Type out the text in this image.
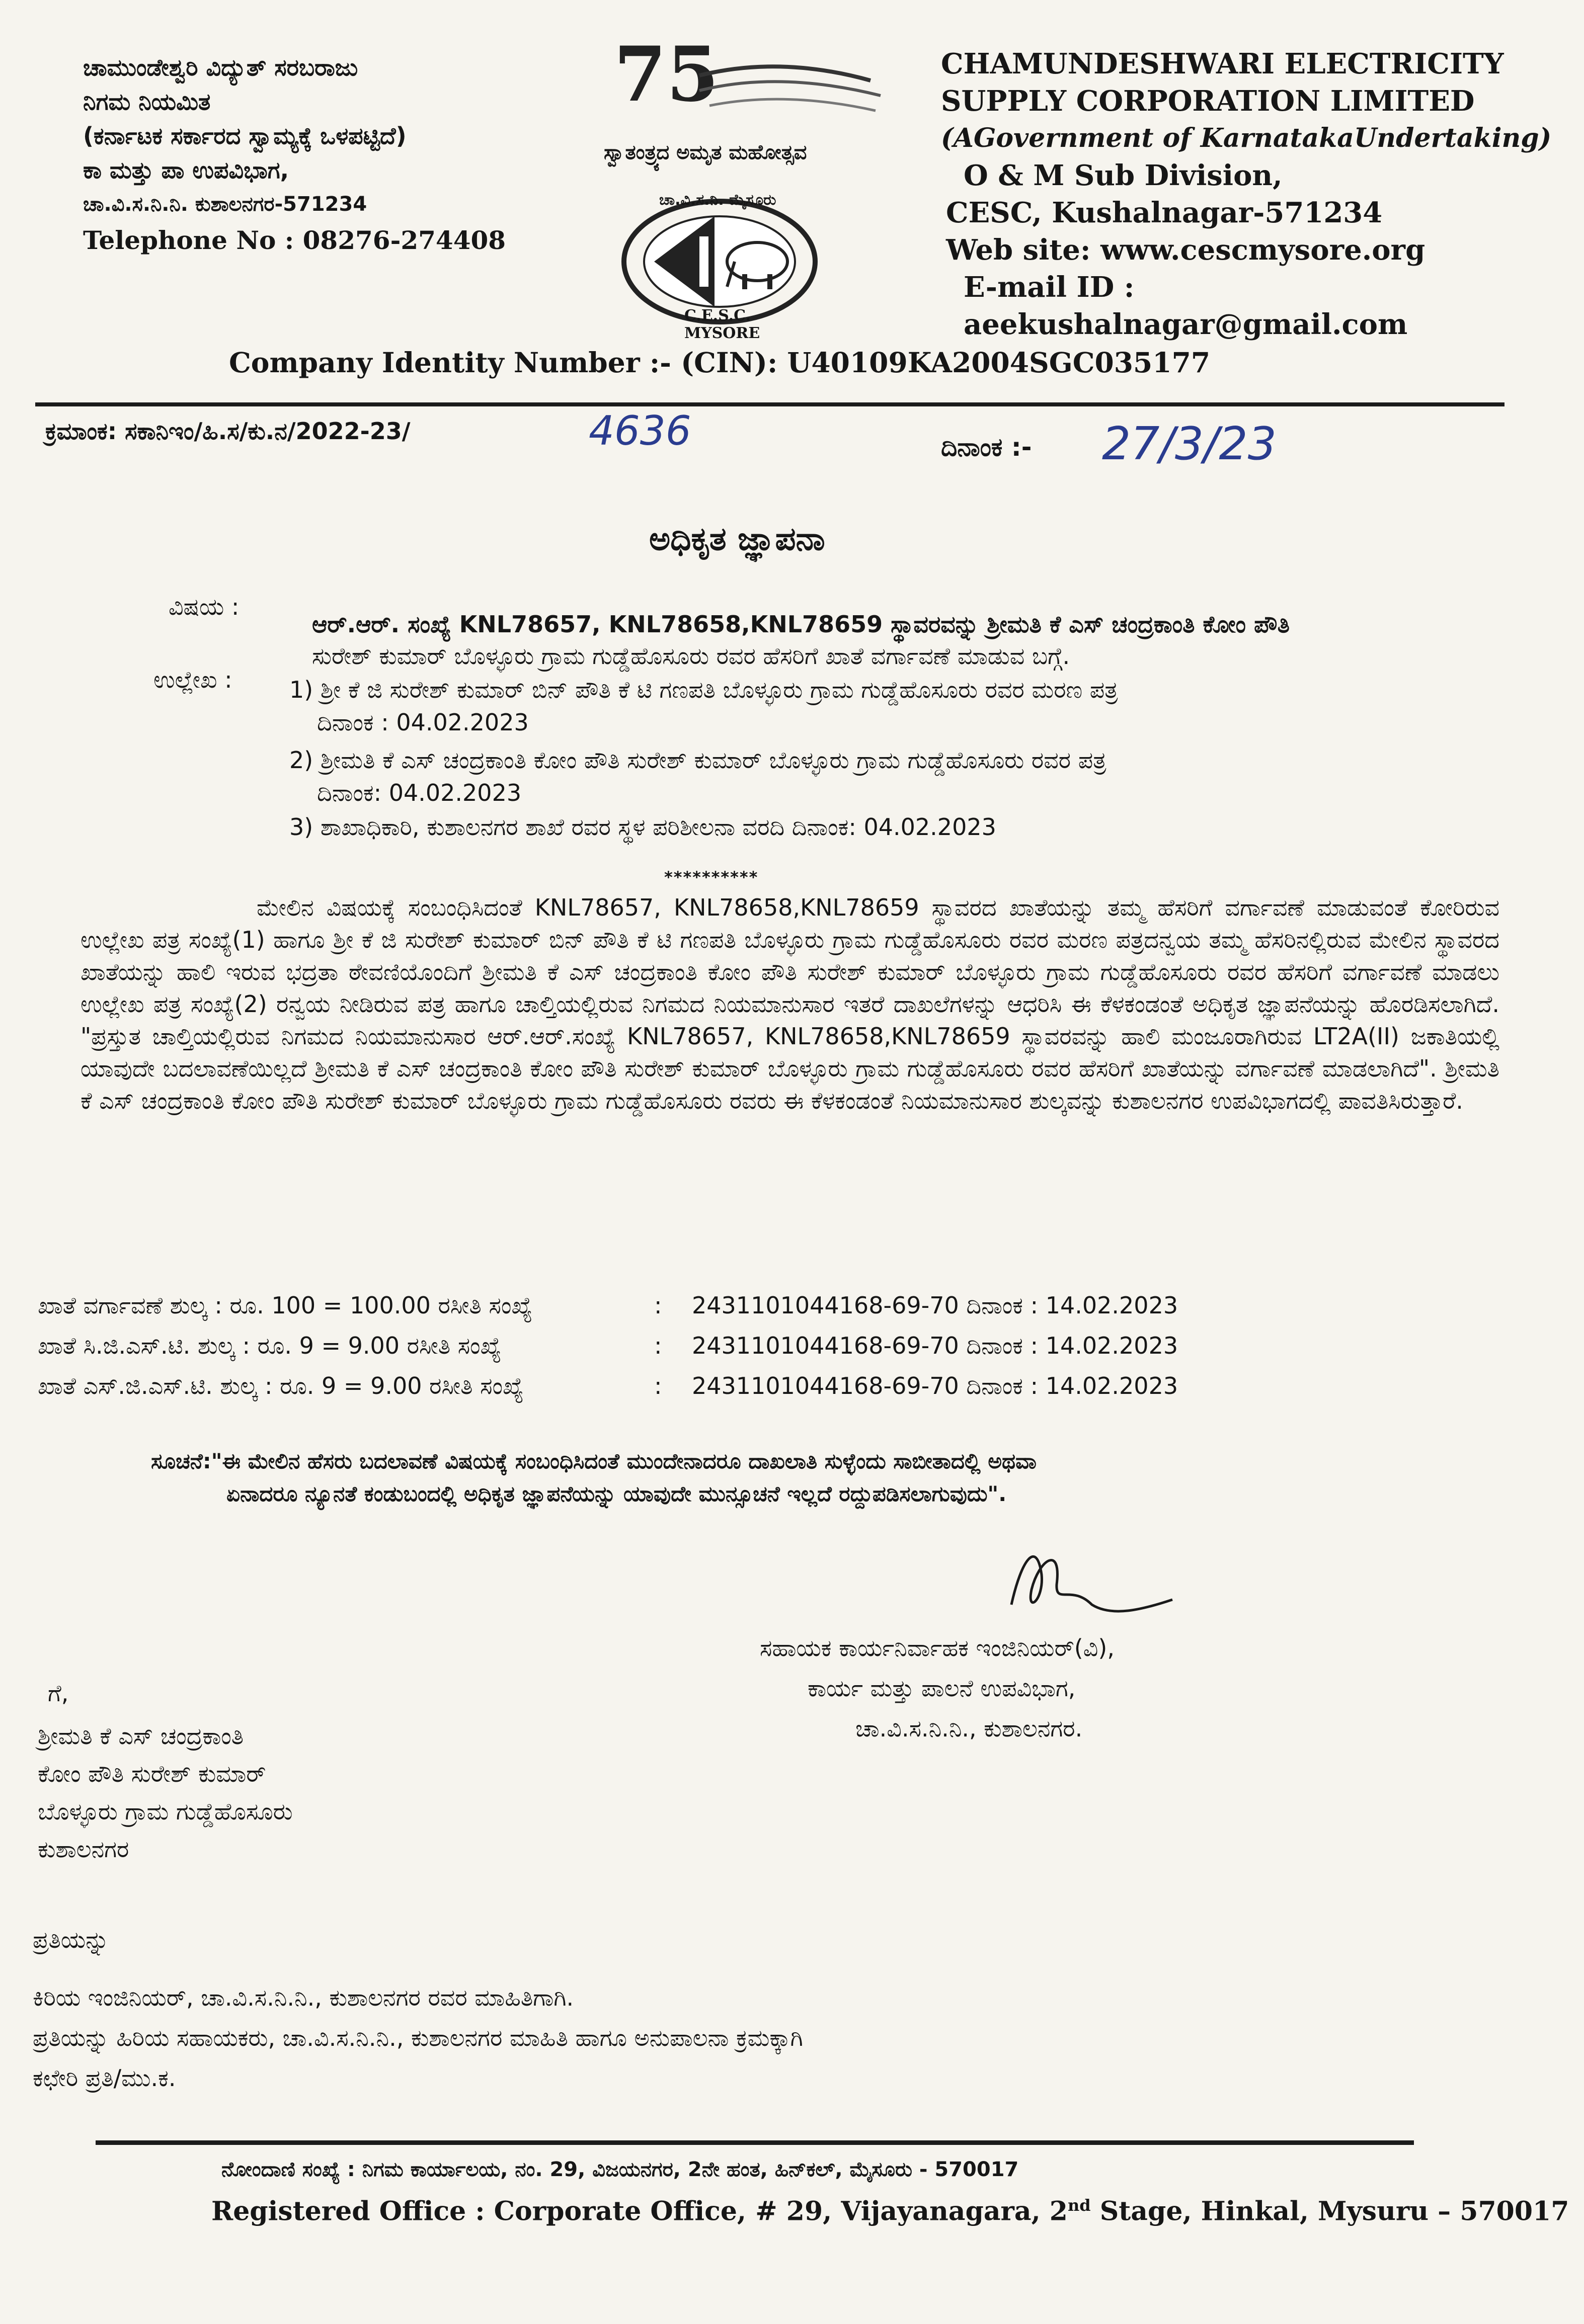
ಚಾಮುಂಡೇಶ್ವರಿ ವಿದ್ಯುತ್ ಸರಬರಾಜು
ನಿಗಮ ನಿಯಮಿತ
(ಕರ್ನಾಟಕ ಸರ್ಕಾರದ ಸ್ವಾಮ್ಯಕ್ಕೆ ಒಳಪಟ್ಟಿದೆ)
ಕಾ ಮತ್ತು ಪಾ ಉಪವಿಭಾಗ,
ಚಾ.ವಿ.ಸ.ನಿ.ನಿ. ಕುಶಾಲನಗರ-571234
Telephone No : 08276-274408
75
ಸ್ವಾತಂತ್ರ್ಯದ ಅಮೃತ ಮಹೋತ್ಸವ
ಚಾ.ವಿ.ಸ.ನಿ. ಮೈಸೂರು
C.E.S.C. MYSORE
CHAMUNDESHWARI ELECTRICITY
SUPPLY CORPORATION LIMITED
(AGovernment of KarnatakaUndertaking)
O & M Sub Division,
CESC, Kushalnagar-571234
Web site: www.cescmysore.org
E-mail ID : aeekushalnagar@gmail.com
Company Identity Number :- (CIN): U40109KA2004SGC035177
ಕ್ರಮಾಂಕ: ಸಕಾನಿಇಂ/ಹಿ.ಸ/ಕು.ನ/2022-23/	4636	ದಿನಾಂಕ :- 27/3/23
ಅಧಿಕೃತ ಜ್ಞಾಪನಾ
ವಿಷಯ :
ಆರ್.ಆರ್. ಸಂಖ್ಯೆ KNL78657, KNL78658,KNL78659 ಸ್ಥಾವರವನ್ನು ಶ್ರೀಮತಿ ಕೆ ಎಸ್ ಚಂದ್ರಕಾಂತಿ ಕೋಂ ಪೌತಿ
ಸುರೇಶ್ ಕುಮಾರ್ ಬೊಳ್ಳೂರು ಗ್ರಾಮ ಗುಡ್ಡೆಹೊಸೂರು ರವರ ಹೆಸರಿಗೆ ಖಾತೆ ವರ್ಗಾವಣೆ ಮಾಡುವ ಬಗ್ಗೆ.
ಉಲ್ಲೇಖ : 1) ಶ್ರೀ ಕೆ ಜಿ ಸುರೇಶ್ ಕುಮಾರ್ ಬಿನ್ ಪೌತಿ ಕೆ ಟಿ ಗಣಪತಿ ಬೊಳ್ಳೂರು ಗ್ರಾಮ ಗುಡ್ಡೆಹೊಸೂರು ರವರ ಮರಣ ಪತ್ರ
ದಿನಾಂಕ : 04.02.2023
2) ಶ್ರೀಮತಿ ಕೆ ಎಸ್ ಚಂದ್ರಕಾಂತಿ ಕೋಂ ಪೌತಿ ಸುರೇಶ್ ಕುಮಾರ್ ಬೊಳ್ಳೂರು ಗ್ರಾಮ ಗುಡ್ಡೆಹೊಸೂರು ರವರ ಪತ್ರ
ದಿನಾಂಕ: 04.02.2023
3) ಶಾಖಾಧಿಕಾರಿ, ಕುಶಾಲನಗರ ಶಾಖೆ ರವರ ಸ್ಥಳ ಪರಿಶೀಲನಾ ವರದಿ ದಿನಾಂಕ: 04.02.2023
**********
ಮೇಲಿನ ವಿಷಯಕ್ಕೆ ಸಂಬಂಧಿಸಿದಂತೆ KNL78657, KNL78658,KNL78659 ಸ್ಥಾವರದ ಖಾತೆಯನ್ನು ತಮ್ಮ ಹೆಸರಿಗೆ ವರ್ಗಾವಣೆ ಮಾಡುವಂತೆ ಕೋರಿರುವ ಉಲ್ಲೇಖ ಪತ್ರ ಸಂಖ್ಯೆ(1) ಹಾಗೂ ಶ್ರೀ ಕೆ ಜಿ ಸುರೇಶ್ ಕುಮಾರ್ ಬಿನ್ ಪೌತಿ ಕೆ ಟಿ ಗಣಪತಿ ಬೊಳ್ಳೂರು ಗ್ರಾಮ ಗುಡ್ಡೆಹೊಸೂರು ರವರ ಮರಣ ಪತ್ರದನ್ವಯ ತಮ್ಮ ಹೆಸರಿನಲ್ಲಿರುವ ಮೇಲಿನ ಸ್ಥಾವರದ ಖಾತೆಯನ್ನು ಹಾಲಿ ಇರುವ ಭದ್ರತಾ ಠೇವಣಿಯೊಂದಿಗೆ ಶ್ರೀಮತಿ ಕೆ ಎಸ್ ಚಂದ್ರಕಾಂತಿ ಕೋಂ ಪೌತಿ ಸುರೇಶ್ ಕುಮಾರ್ ಬೊಳ್ಳೂರು ಗ್ರಾಮ ಗುಡ್ಡೆಹೊಸೂರು ರವರ ಹೆಸರಿಗೆ ವರ್ಗಾವಣೆ ಮಾಡಲು ಉಲ್ಲೇಖ ಪತ್ರ ಸಂಖ್ಯೆ(2) ರನ್ವಯ ನೀಡಿರುವ ಪತ್ರ ಹಾಗೂ ಚಾಲ್ತಿಯಲ್ಲಿರುವ ನಿಗಮದ ನಿಯಮಾನುಸಾರ ಇತರೆ ದಾಖಲೆಗಳನ್ನು ಆಧರಿಸಿ ಈ ಕೆಳಕಂಡಂತೆ ಅಧಿಕೃತ ಜ್ಞಾಪನೆಯನ್ನು ಹೊರಡಿಸಲಾಗಿದೆ. "ಪ್ರಸ್ತುತ ಚಾಲ್ತಿಯಲ್ಲಿರುವ ನಿಗಮದ ನಿಯಮಾನುಸಾರ ಆರ್.ಆರ್.ಸಂಖ್ಯೆ KNL78657, KNL78658,KNL78659 ಸ್ಥಾವರವನ್ನು ಹಾಲಿ ಮಂಜೂರಾಗಿರುವ LT2A(II) ಜಕಾತಿಯಲ್ಲಿ ಯಾವುದೇ ಬದಲಾವಣೆಯಿಲ್ಲದೆ ಶ್ರೀಮತಿ ಕೆ ಎಸ್ ಚಂದ್ರಕಾಂತಿ ಕೋಂ ಪೌತಿ ಸುರೇಶ್ ಕುಮಾರ್ ಬೊಳ್ಳೂರು ಗ್ರಾಮ ಗುಡ್ಡೆಹೊಸೂರು ರವರ ಹೆಸರಿಗೆ ಖಾತೆಯನ್ನು ವರ್ಗಾವಣೆ ಮಾಡಲಾಗಿದೆ". ಶ್ರೀಮತಿ ಕೆ ಎಸ್ ಚಂದ್ರಕಾಂತಿ ಕೋಂ ಪೌತಿ ಸುರೇಶ್ ಕುಮಾರ್ ಬೊಳ್ಳೂರು ಗ್ರಾಮ ಗುಡ್ಡೆಹೊಸೂರು ರವರು ಈ ಕೆಳಕಂಡಂತೆ ನಿಯಮಾನುಸಾರ ಶುಲ್ಕವನ್ನು ಕುಶಾಲನಗರ ಉಪವಿಭಾಗದಲ್ಲಿ ಪಾವತಿಸಿರುತ್ತಾರೆ.
ಖಾತೆ ವರ್ಗಾವಣೆ ಶುಲ್ಕ : ರೂ. 100 = 100.00 ರಸೀತಿ ಸಂಖ್ಯೆ	: 2431101044168-69-70 ದಿನಾಂಕ : 14.02.2023
ಖಾತೆ ಸಿ.ಜಿ.ಎಸ್.ಟಿ. ಶುಲ್ಕ : ರೂ. 9 = 9.00 ರಸೀತಿ ಸಂಖ್ಯೆ	: 2431101044168-69-70 ದಿನಾಂಕ : 14.02.2023
ಖಾತೆ ಎಸ್.ಜಿ.ಎಸ್.ಟಿ. ಶುಲ್ಕ : ರೂ. 9 = 9.00 ರಸೀತಿ ಸಂಖ್ಯೆ	: 2431101044168-69-70 ದಿನಾಂಕ : 14.02.2023
ಸೂಚನೆ:"ಈ ಮೇಲಿನ ಹೆಸರು ಬದಲಾವಣೆ ವಿಷಯಕ್ಕೆ ಸಂಬಂಧಿಸಿದಂತೆ ಮುಂದೇನಾದರೂ ದಾಖಲಾತಿ ಸುಳ್ಳೆಂದು ಸಾಬೀತಾದಲ್ಲಿ ಅಥವಾ
ಏನಾದರೂ ನ್ಯೂನತೆ ಕಂಡುಬಂದಲ್ಲಿ ಅಧಿಕೃತ ಜ್ಞಾಪನೆಯನ್ನು ಯಾವುದೇ ಮುನ್ಸೂಚನೆ ಇಲ್ಲದೆ ರದ್ದುಪಡಿಸಲಾಗುವುದು".
ಸಹಾಯಕ ಕಾರ್ಯನಿರ್ವಾಹಕ ಇಂಜಿನಿಯರ್(ವಿ),
ಕಾರ್ಯ ಮತ್ತು ಪಾಲನೆ ಉಪವಿಭಾಗ,
ಚಾ.ವಿ.ಸ.ನಿ.ನಿ., ಕುಶಾಲನಗರ.
ಗೆ,
ಶ್ರೀಮತಿ ಕೆ ಎಸ್ ಚಂದ್ರಕಾಂತಿ
ಕೋಂ ಪೌತಿ ಸುರೇಶ್ ಕುಮಾರ್
ಬೊಳ್ಳೂರು ಗ್ರಾಮ ಗುಡ್ಡೆಹೊಸೂರು
ಕುಶಾಲನಗರ
ಪ್ರತಿಯನ್ನು
ಕಿರಿಯ ಇಂಜಿನಿಯರ್, ಚಾ.ವಿ.ಸ.ನಿ.ನಿ., ಕುಶಾಲನಗರ ರವರ ಮಾಹಿತಿಗಾಗಿ.
ಪ್ರತಿಯನ್ನು ಹಿರಿಯ ಸಹಾಯಕರು, ಚಾ.ವಿ.ಸ.ನಿ.ನಿ., ಕುಶಾಲನಗರ ಮಾಹಿತಿ ಹಾಗೂ ಅನುಪಾಲನಾ ಕ್ರಮಕ್ಕಾಗಿ
ಕಛೇರಿ ಪ್ರತಿ/ಮು.ಕ.
ನೋಂದಾಣಿ ಸಂಖ್ಯೆ : ನಿಗಮ ಕಾರ್ಯಾಲಯ, ನಂ. 29, ವಿಜಯನಗರ, 2ನೇ ಹಂತ, ಹಿನ್‌ಕಲ್, ಮೈಸೂರು - 570017
Registered Office : Corporate Office, # 29, Vijayanagara, 2nd Stage, Hinkal, Mysuru – 570017
